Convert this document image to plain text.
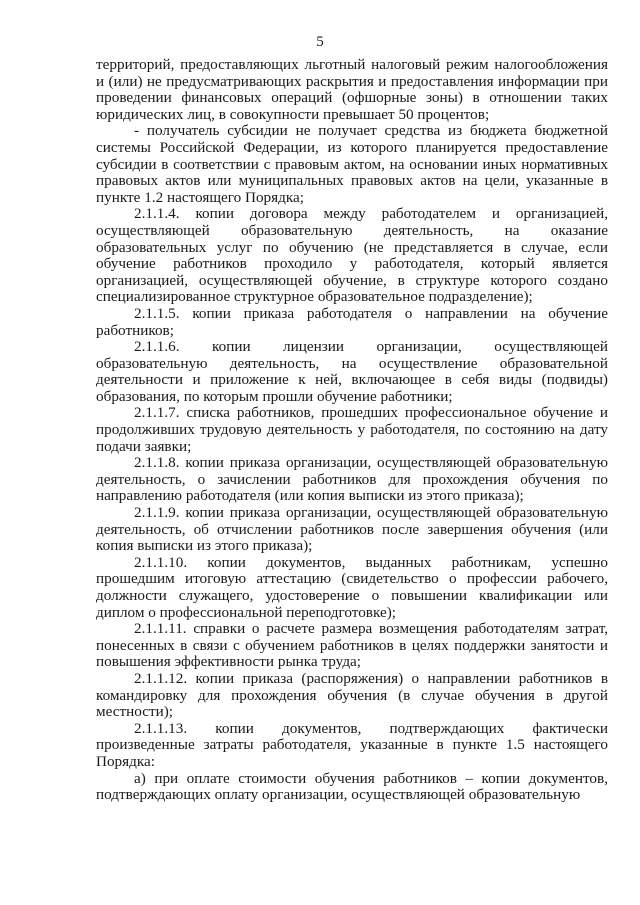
5

территорий, предоставляющих льготный налоговый режим налогообложения и (или) не предусматривающих раскрытия и предоставления информации при проведении финансовых операций (офшорные зоны) в отношении таких юридических лиц, в совокупности превышает 50 процентов;

- получатель субсидии не получает средства из бюджета бюджетной системы Российской Федерации, из которого планируется предоставление субсидии в соответствии с правовым актом, на основании иных нормативных правовых актов или муниципальных правовых актов на цели, указанные в пункте 1.2 настоящего Порядка;

2.1.1.4. копии договора между работодателем и организацией, осуществляющей образовательную деятельность, на оказание образовательных услуг по обучению (не представляется в случае, если обучение работников проходило у работодателя, который является организацией, осуществляющей обучение, в структуре которого создано специализированное структурное образовательное подразделение);

2.1.1.5. копии приказа работодателя о направлении на обучение работников;

2.1.1.6. копии лицензии организации, осуществляющей образовательную деятельность, на осуществление образовательной деятельности и приложение к ней, включающее в себя виды (подвиды) образования, по которым прошли обучение работники;

2.1.1.7. списка работников, прошедших профессиональное обучение и продолживших трудовую деятельность у работодателя, по состоянию на дату подачи заявки;

2.1.1.8. копии приказа организации, осуществляющей образовательную деятельность, о зачислении работников для прохождения обучения по направлению работодателя (или копия выписки из этого приказа);

2.1.1.9. копии приказа организации, осуществляющей образовательную деятельность, об отчислении работников после завершения обучения (или копия выписки из этого приказа);

2.1.1.10. копии документов, выданных работникам, успешно прошедшим итоговую аттестацию (свидетельство о профессии рабочего, должности служащего, удостоверение о повышении квалификации или диплом о профессиональной переподготовке);

2.1.1.11. справки о расчете размера возмещения работодателям затрат, понесенных в связи с обучением работников в целях поддержки занятости и повышения эффективности рынка труда;

2.1.1.12. копии приказа (распоряжения) о направлении работников в командировку для прохождения обучения (в случае обучения в другой местности);

2.1.1.13. копии документов, подтверждающих фактически произведенные затраты работодателя, указанные в пункте 1.5 настоящего Порядка:

а) при оплате стоимости обучения работников – копии документов, подтверждающих оплату организации, осуществляющей образовательную
